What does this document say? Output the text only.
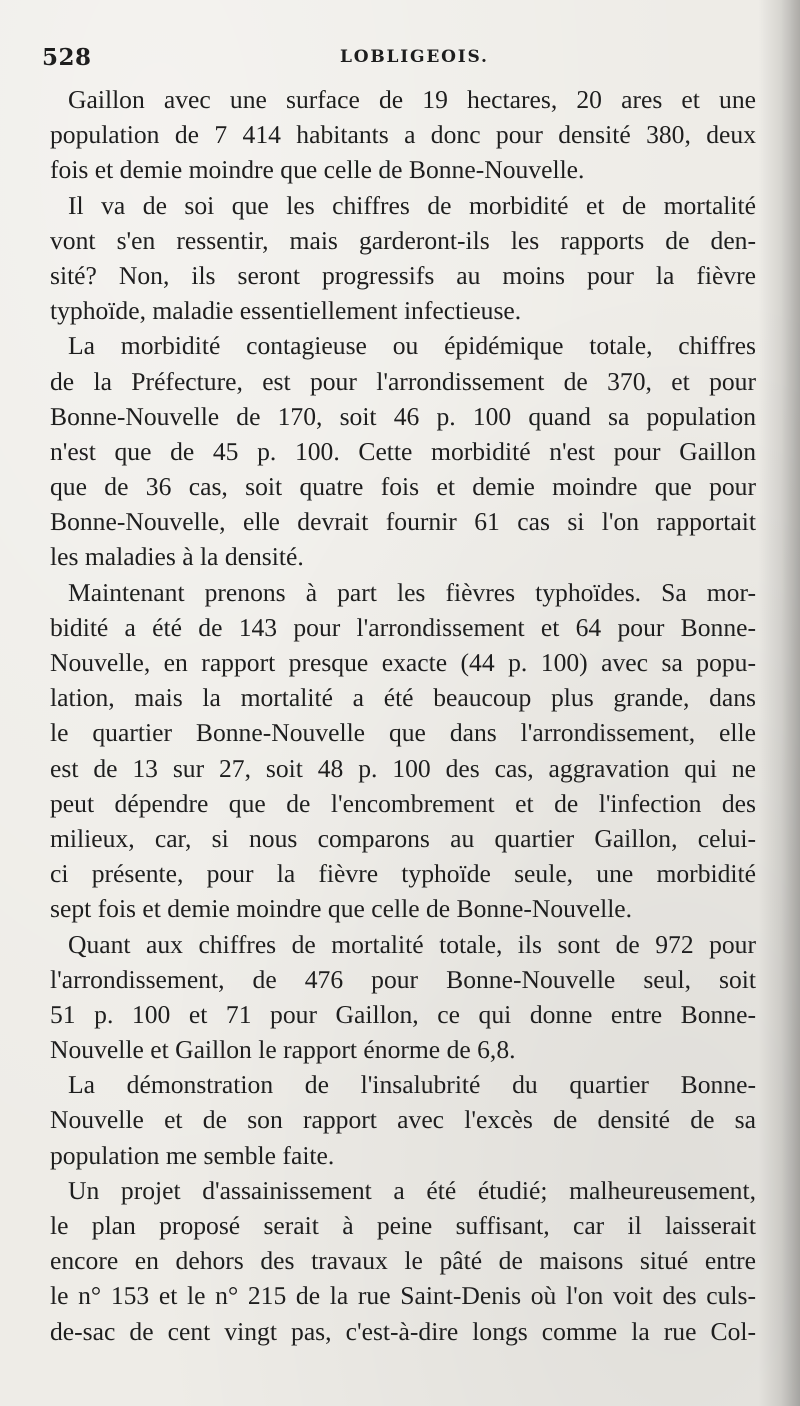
528	LOBLIGEOIS.
Gaillon avec une surface de 19 hectares, 20 ares et une
population de 7 414 habitants a donc pour densité 380, deux
fois et demie moindre que celle de Bonne-Nouvelle.
Il va de soi que les chiffres de morbidité et de mortalité
vont s'en ressentir, mais garderont-ils les rapports de den-
sité? Non, ils seront progressifs au moins pour la fièvre
typhoïde, maladie essentiellement infectieuse.
La morbidité contagieuse ou épidémique totale, chiffres
de la Préfecture, est pour l'arrondissement de 370, et pour
Bonne-Nouvelle de 170, soit 46 p. 100 quand sa population
n'est que de 45 p. 100. Cette morbidité n'est pour Gaillon
que de 36 cas, soit quatre fois et demie moindre que pour
Bonne-Nouvelle, elle devrait fournir 61 cas si l'on rapportait
les maladies à la densité.
Maintenant prenons à part les fièvres typhoïdes. Sa mor-
bidité a été de 143 pour l'arrondissement et 64 pour Bonne-
Nouvelle, en rapport presque exacte (44 p. 100) avec sa popu-
lation, mais la mortalité a été beaucoup plus grande, dans
le quartier Bonne-Nouvelle que dans l'arrondissement, elle
est de 13 sur 27, soit 48 p. 100 des cas, aggravation qui ne
peut dépendre que de l'encombrement et de l'infection des
milieux, car, si nous comparons au quartier Gaillon, celui-
ci présente, pour la fièvre typhoïde seule, une morbidité
sept fois et demie moindre que celle de Bonne-Nouvelle.
Quant aux chiffres de mortalité totale, ils sont de 972 pour
l'arrondissement, de 476 pour Bonne-Nouvelle seul, soit
51 p. 100 et 71 pour Gaillon, ce qui donne entre Bonne-
Nouvelle et Gaillon le rapport énorme de 6,8.
La démonstration de l'insalubrité du quartier Bonne-
Nouvelle et de son rapport avec l'excès de densité de sa
population me semble faite.
Un projet d'assainissement a été étudié; malheureusement,
le plan proposé serait à peine suffisant, car il laisserait
encore en dehors des travaux le pâté de maisons situé entre
le n° 153 et le n° 215 de la rue Saint-Denis où l'on voit des culs-
de-sac de cent vingt pas, c'est-à-dire longs comme la rue Col-
